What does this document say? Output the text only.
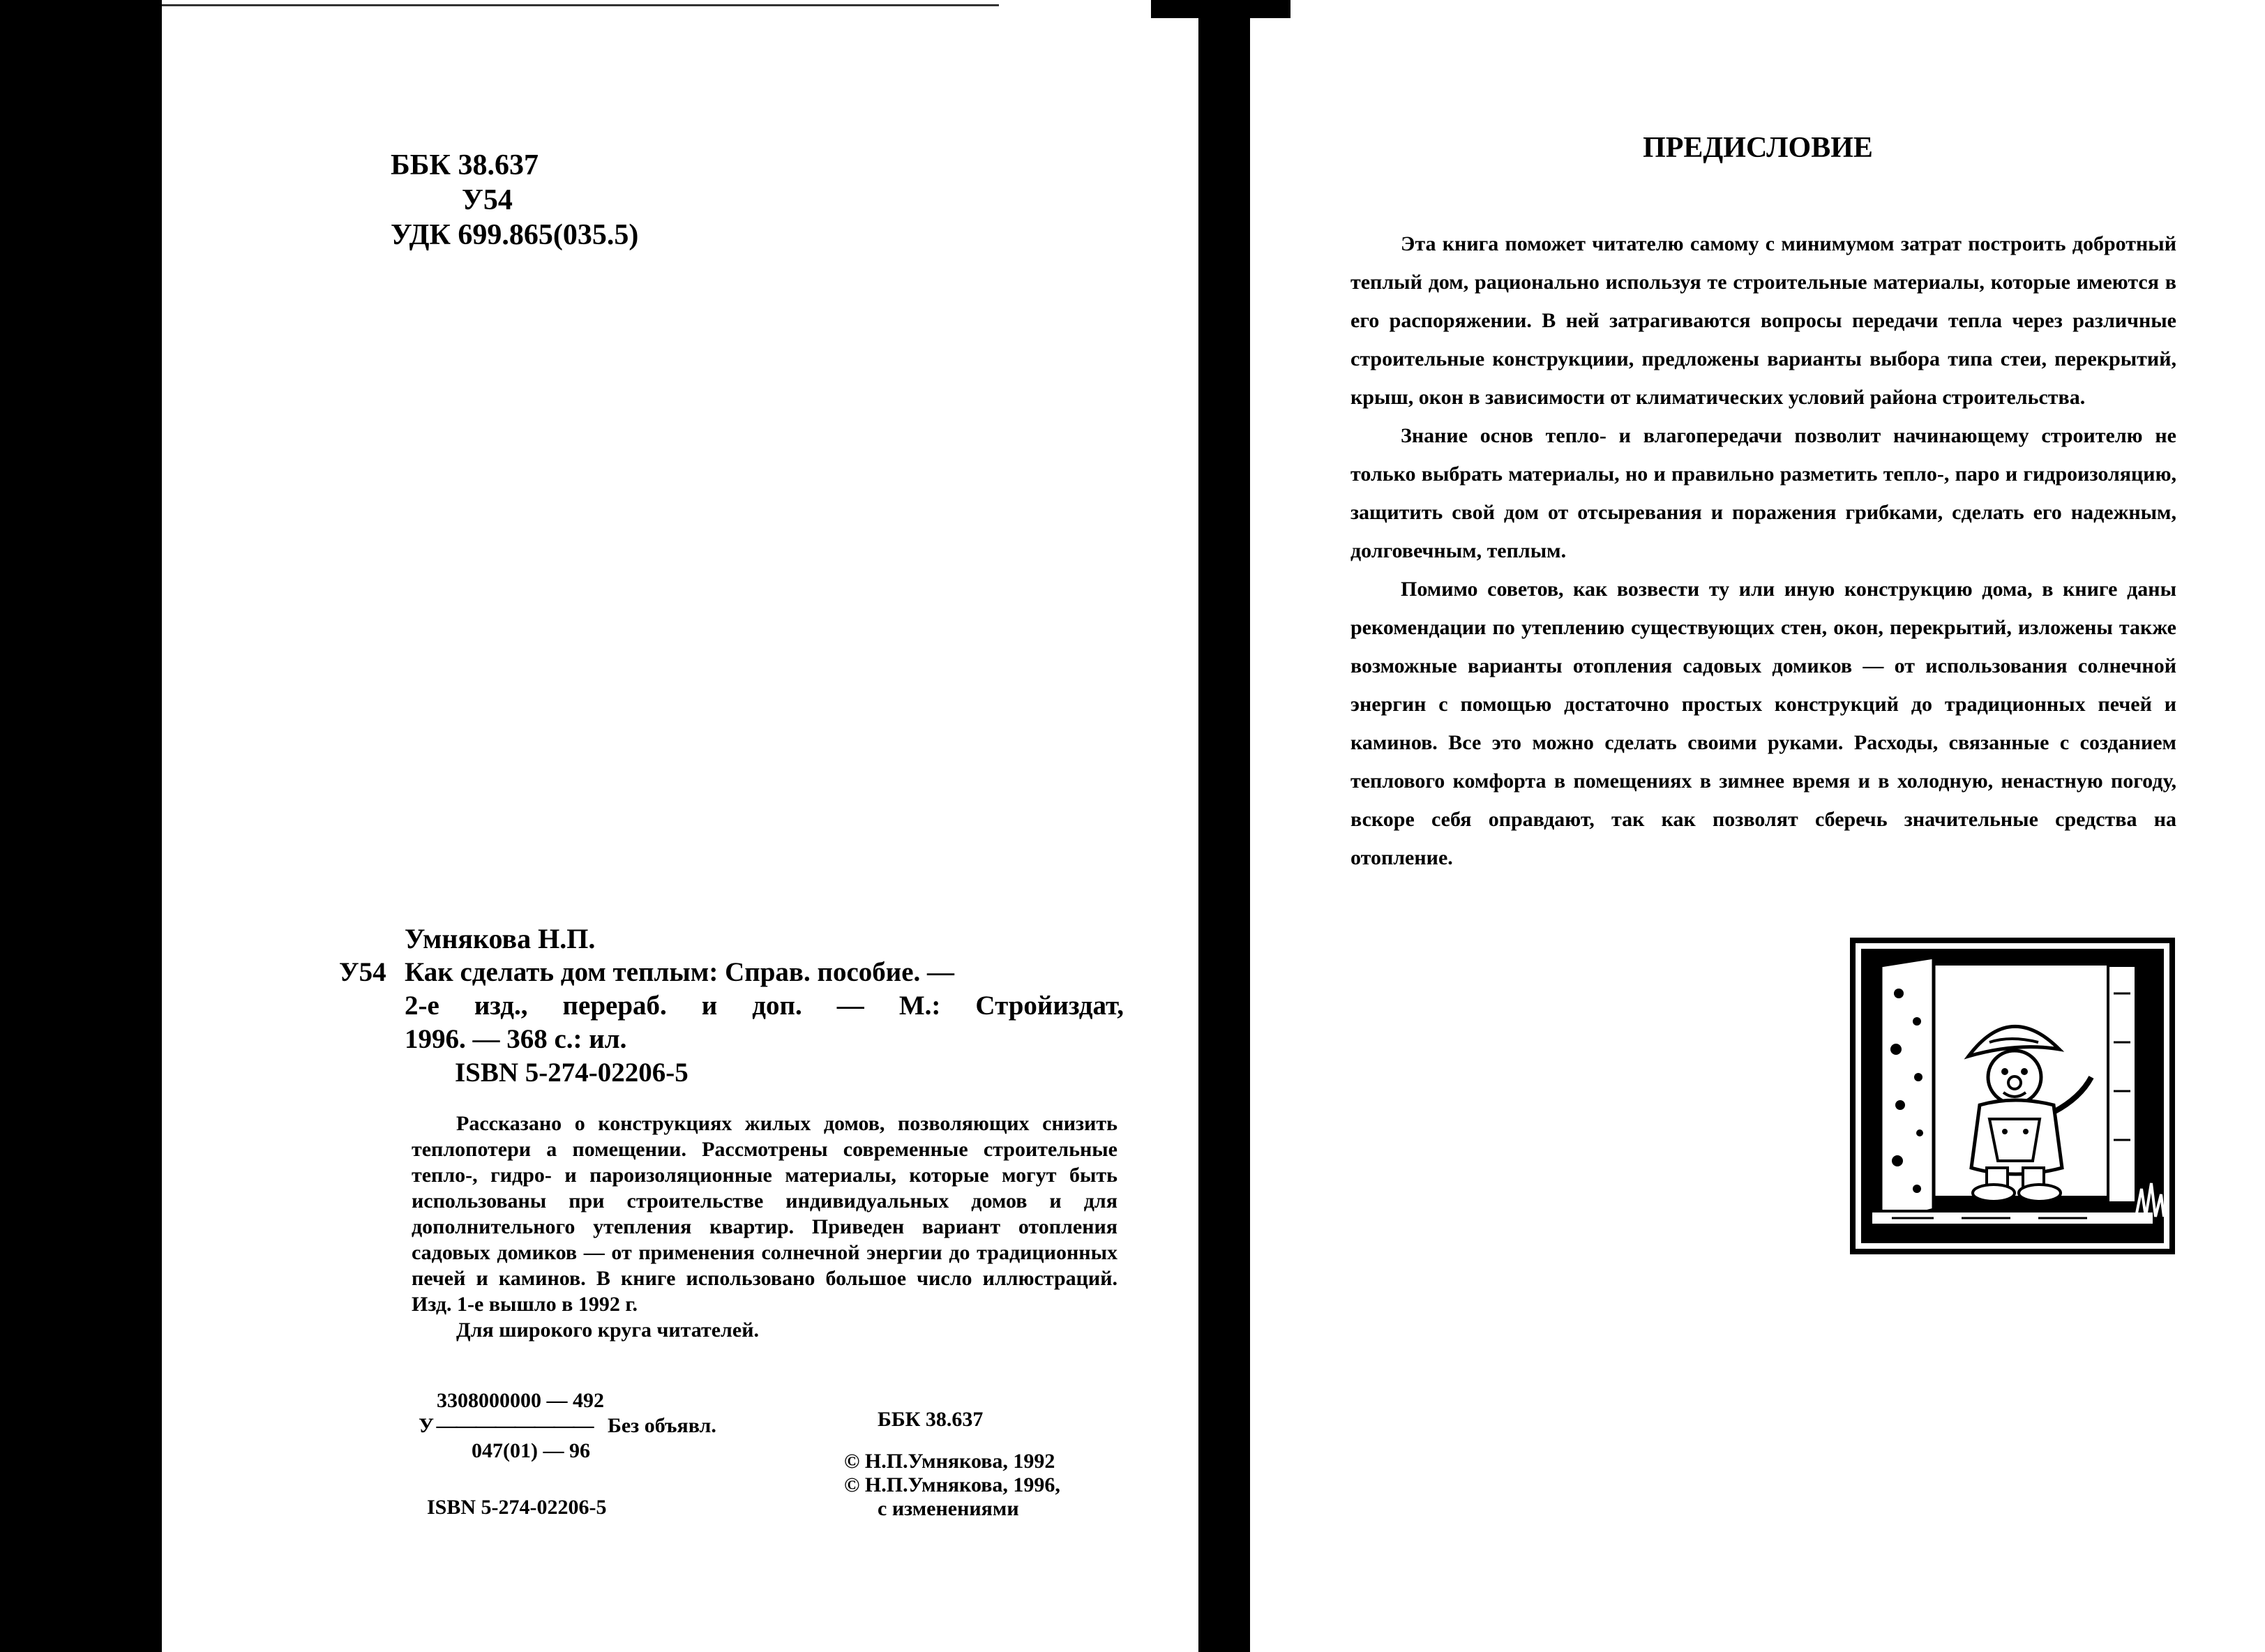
ББК 38.637
У54
УДК 699.865(035.5)
Умнякова Н.П.
У54 Как сделать дом теплым: Справ. пособие. —
2-е изд., перераб. и доп. — М.: Стройиздат,
1996. — 368 с.: ил.
ISBN 5-274-02206-5

Рассказано о конструкциях жилых домов, позволяющих снизить теплопотери а помещении. Рассмотрены современные строительные тепло-, гидро- и пароизоляционные материалы, которые могут быть использованы при строительстве индивидуальных домов и для дополнительного утепления квартир. Приведен вариант отопления садовых домиков — от применения солнечной энергии до традиционных печей и каминов. В книге использовано большое число иллюстраций. Изд. 1-е вышло в 1992 г.

Для широкого круга читателей.

3308000000 — 492
У ———————— Без объявл.
047(01) — 96
ББК 38.637
© Н.П.Умнякова, 1992
© Н.П.Умнякова, 1996,
с изменениями
ISBN 5-274-02206-5
ПРЕДИСЛОВИЕ

Эта книга поможет читателю самому с минимумом затрат построить добротный теплый дом, рационально используя те строительные материалы, которые имеются в его распоряжении. В ней затрагиваются вопросы передачи тепла через различные строительные конструкциии, предложены варианты выбора типа стеи, перекрытий, крыш, окон в зависимости от климатических условий района строительства.

Знание основ тепло- и влагопередачи позволит начинающему строителю не только выбрать материалы, но и правильно разметить тепло-, паро и гидроизоляцию, защитить свой дом от отсыревания и поражения грибками, сделать его надежным, долговечным, теплым.

Помимо советов, как возвести ту или иную конструкцию дома, в книге даны рекомендации по утеплению существующих стен, окон, перекрытий, изложены также возможные варианты отопления садовых домиков — от использования солнечной энергин с помощью достаточно простых конструкций до традиционных печей и каминов. Все это можно сделать своими руками. Расходы, связанные с созданием теплового комфорта в помещениях в зимнее время и в холодную, ненастную погоду, вскоре себя оправдают, так как позволят сберечь значительные средства на отопление.
